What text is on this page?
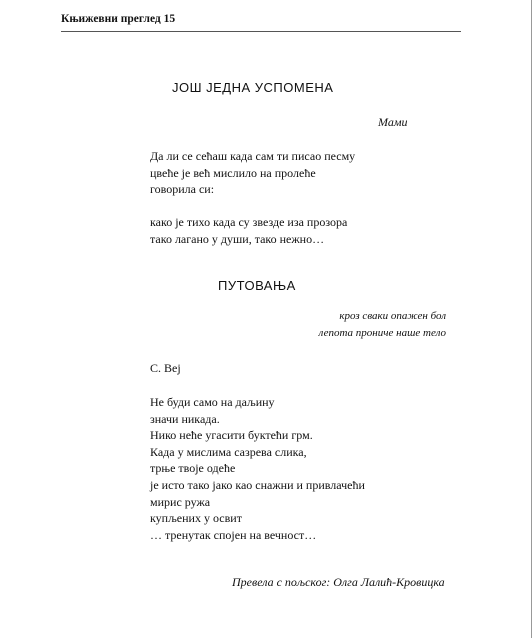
Књижевни преглед 15
ЈОШ ЈЕДНА УСПОМЕНА
Мами
Да ли се сећаш када сам ти писао песму
цвеће је већ мислило на пролеће
говорила си:
како је тихо када су звезде иза прозора
тако лагано у души, тако нежно…
ПУТОВАЊА
кроз сваки опажен бол
лепота прониче наше тело
С. Веј
Не буди само на даљину
значи никада.
Нико неће угасити буктећи грм.
Када у мислима сазрева слика,
трње твоје одеће
је исто тако јако као снажни и привлачећи
мирис ружа
купљених у освит
… тренутак спојен на вечност…
Превела с пољског: Олга Лалић-Кровицка
